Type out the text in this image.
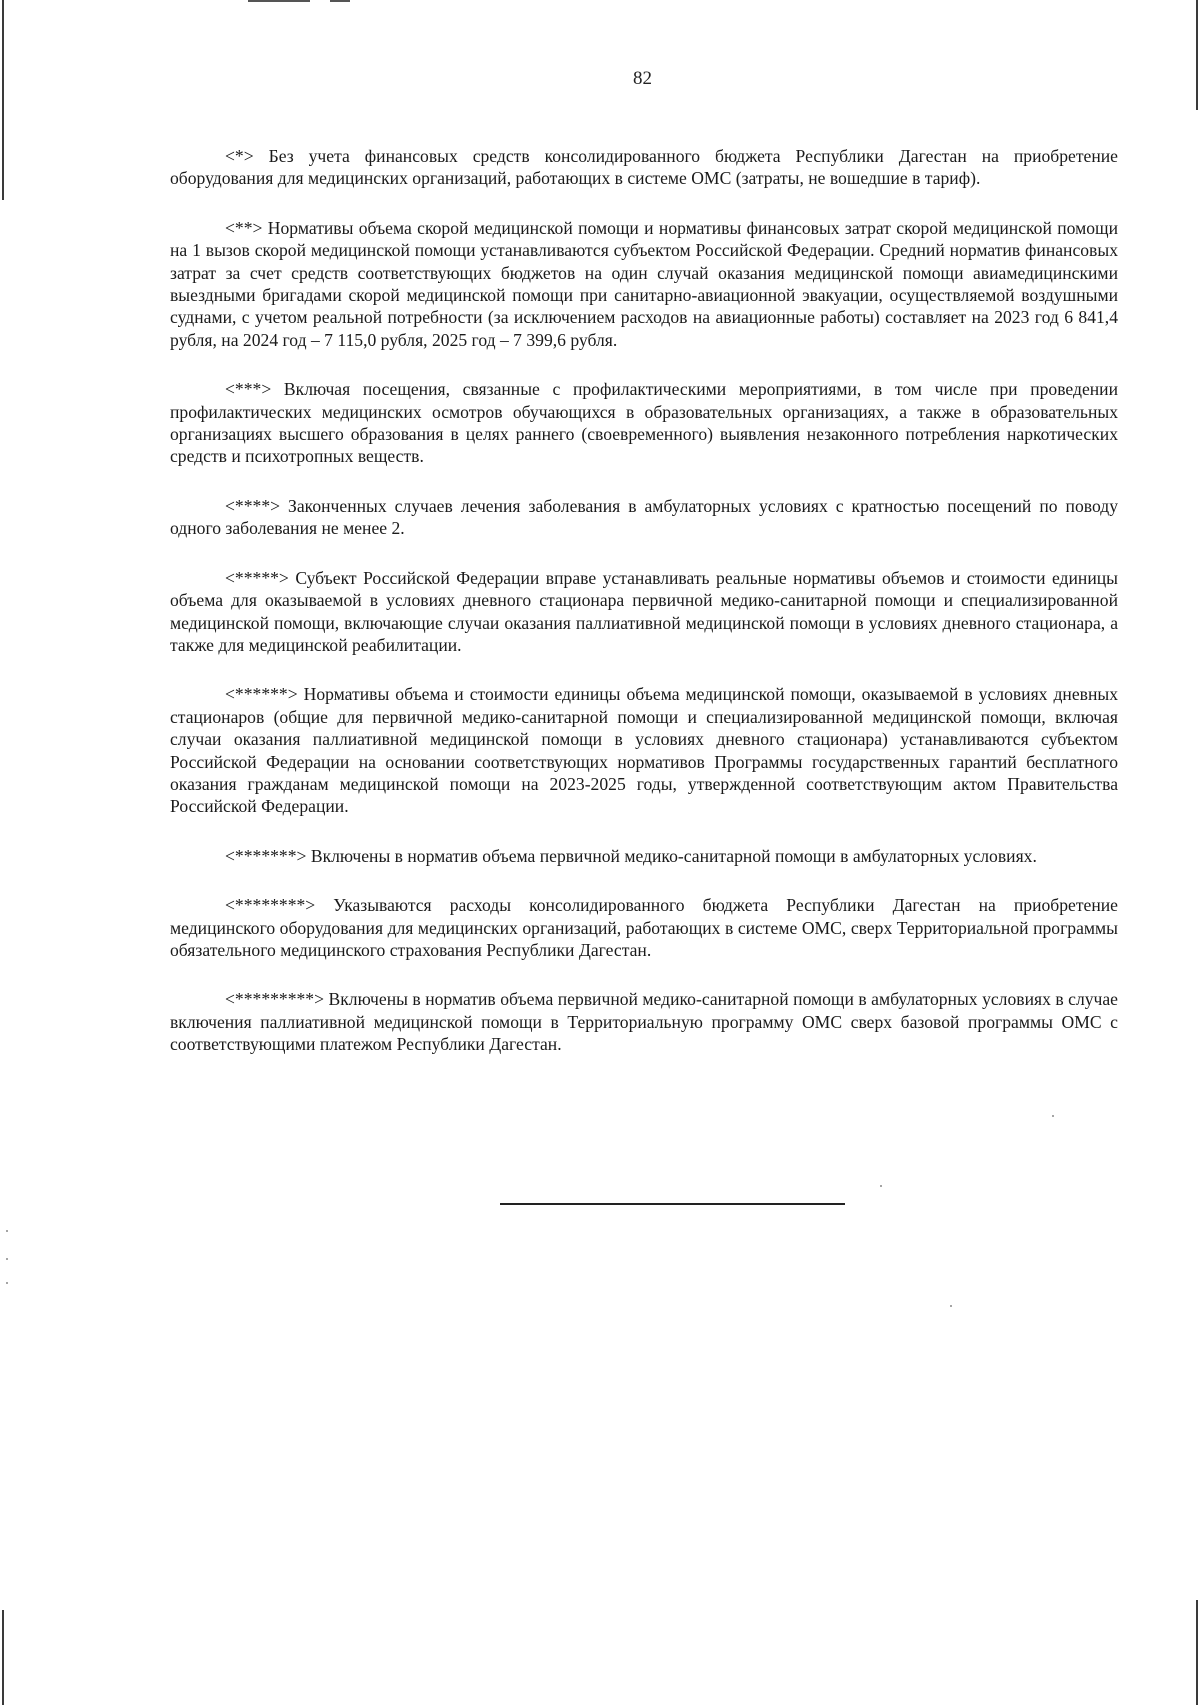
82

<*> Без учета финансовых средств консолидированного бюджета Республики Дагестан на приобретение оборудования для медицинских организаций, работающих в системе ОМС (затраты, не вошедшие в тариф).

<**> Нормативы объема скорой медицинской помощи и нормативы финансовых затрат скорой медицинской помощи на 1 вызов скорой медицинской помощи устанавливаются субъектом Российской Федерации. Средний норматив финансовых затрат за счет средств соответствующих бюджетов на один случай оказания медицинской помощи авиамедицинскими выездными бригадами скорой медицинской помощи при санитарно-авиационной эвакуации, осуществляемой воздушными суднами, с учетом реальной потребности (за исключением расходов на авиационные работы) составляет на 2023 год 6 841,4 рубля, на 2024 год – 7 115,0 рубля, 2025 год – 7 399,6 рубля.

<***> Включая посещения, связанные с профилактическими мероприятиями, в том числе при проведении профилактических медицинских осмотров обучающихся в образовательных организациях, а также в образовательных организациях высшего образования в целях раннего (своевременного) выявления незаконного потребления наркотических средств и психотропных веществ.

<****> Законченных случаев лечения заболевания в амбулаторных условиях с кратностью посещений по поводу одного заболевания не менее 2.

<*****> Субъект Российской Федерации вправе устанавливать реальные нормативы объемов и стоимости единицы объема для оказываемой в условиях дневного стационара первичной медико-санитарной помощи и специализированной медицинской помощи, включающие случаи оказания паллиативной медицинской помощи в условиях дневного стационара, а также для медицинской реабилитации.

<******> Нормативы объема и стоимости единицы объема медицинской помощи, оказываемой в условиях дневных стационаров (общие для первичной медико-санитарной помощи и специализированной медицинской помощи, включая случаи оказания паллиативной медицинской помощи в условиях дневного стационара) устанавливаются субъектом Российской Федерации на основании соответствующих нормативов Программы государственных гарантий бесплатного оказания гражданам медицинской помощи на 2023-2025 годы, утвержденной соответствующим актом Правительства Российской Федерации.

<*******> Включены в норматив объема первичной медико-санитарной помощи в амбулаторных условиях.

<********> Указываются расходы консолидированного бюджета Республики Дагестан на приобретение медицинского оборудования для медицинских организаций, работающих в системе ОМС, сверх Территориальной программы обязательного медицинского страхования Республики Дагестан.

<*********> Включены в норматив объема первичной медико-санитарной помощи в амбулаторных условиях в случае включения паллиативной медицинской помощи в Территориальную программу ОМС сверх базовой программы ОМС с соответствующими платежом Республики Дагестан.
